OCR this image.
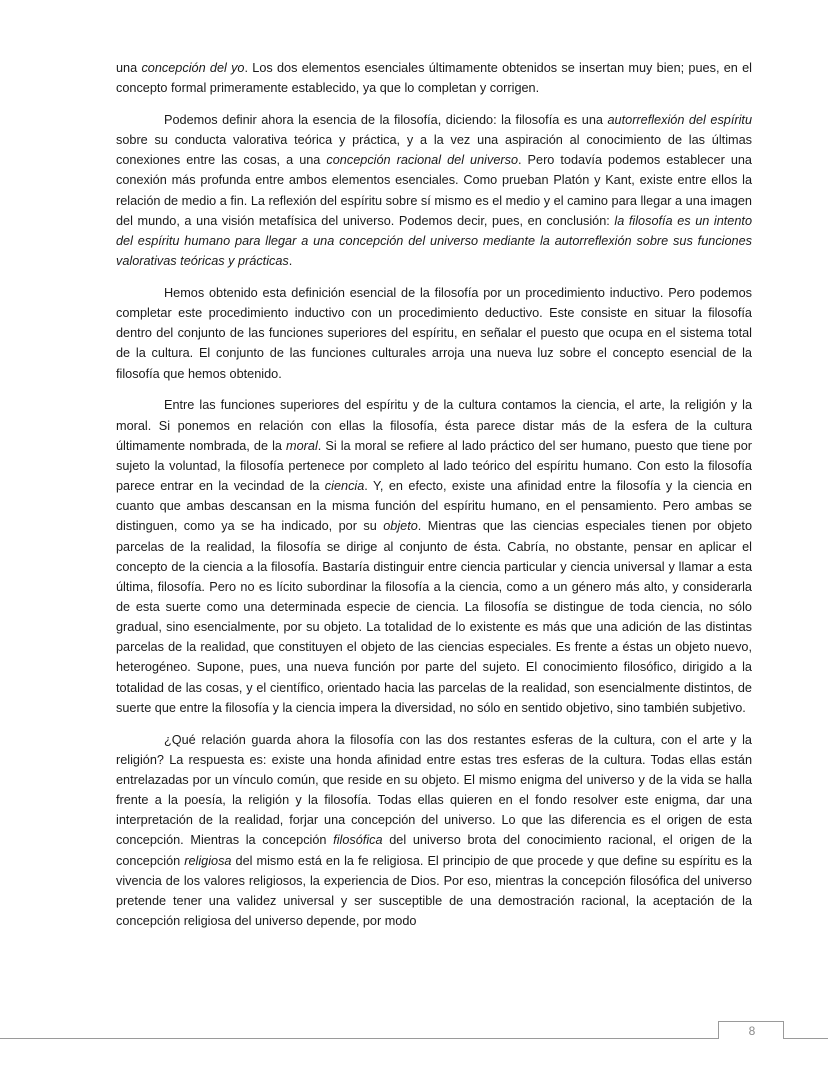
una concepción del yo. Los dos elementos esenciales últimamente obtenidos se insertan muy bien; pues, en el concepto formal primeramente establecido, ya que lo completan y corrigen.

Podemos definir ahora la esencia de la filosofía, diciendo: la filosofía es una autorreflexión del espíritu sobre su conducta valorativa teórica y práctica, y a la vez una aspiración al conocimiento de las últimas conexiones entre las cosas, a una concepción racional del universo. Pero todavía podemos establecer una conexión más profunda entre ambos elementos esenciales. Como prueban Platón y Kant, existe entre ellos la relación de medio a fin. La reflexión del espíritu sobre sí mismo es el medio y el camino para llegar a una imagen del mundo, a una visión metafísica del universo. Podemos decir, pues, en conclusión: la filosofía es un intento del espíritu humano para llegar a una concepción del universo mediante la autorreflexión sobre sus funciones valorativas teóricas y prácticas.

Hemos obtenido esta definición esencial de la filosofía por un procedimiento inductivo. Pero podemos completar este procedimiento inductivo con un procedimiento deductivo. Este consiste en situar la filosofía dentro del conjunto de las funciones superiores del espíritu, en señalar el puesto que ocupa en el sistema total de la cultura. El conjunto de las funciones culturales arroja una nueva luz sobre el concepto esencial de la filosofía que hemos obtenido.

Entre las funciones superiores del espíritu y de la cultura contamos la ciencia, el arte, la religión y la moral. Si ponemos en relación con ellas la filosofía, ésta parece distar más de la esfera de la cultura últimamente nombrada, de la moral. Si la moral se refiere al lado práctico del ser humano, puesto que tiene por sujeto la voluntad, la filosofía pertenece por completo al lado teórico del espíritu humano. Con esto la filosofía parece entrar en la vecindad de la ciencia. Y, en efecto, existe una afinidad entre la filosofía y la ciencia en cuanto que ambas descansan en la misma función del espíritu humano, en el pensamiento. Pero ambas se distinguen, como ya se ha indicado, por su objeto. Mientras que las ciencias especiales tienen por objeto parcelas de la realidad, la filosofía se dirige al conjunto de ésta. Cabría, no obstante, pensar en aplicar el concepto de la ciencia a la filosofía. Bastaría distinguir entre ciencia particular y ciencia universal y llamar a esta última, filosofía. Pero no es lícito subordinar la filosofía a la ciencia, como a un género más alto, y considerarla de esta suerte como una determinada especie de ciencia. La filosofía se distingue de toda ciencia, no sólo gradual, sino esencialmente, por su objeto. La totalidad de lo existente es más que una adición de las distintas parcelas de la realidad, que constituyen el objeto de las ciencias especiales. Es frente a éstas un objeto nuevo, heterogéneo. Supone, pues, una nueva función por parte del sujeto. El conocimiento filosófico, dirigido a la totalidad de las cosas, y el científico, orientado hacia las parcelas de la realidad, son esencialmente distintos, de suerte que entre la filosofía y la ciencia impera la diversidad, no sólo en sentido objetivo, sino también subjetivo.

¿Qué relación guarda ahora la filosofía con las dos restantes esferas de la cultura, con el arte y la religión? La respuesta es: existe una honda afinidad entre estas tres esferas de la cultura. Todas ellas están entrelazadas por un vínculo común, que reside en su objeto. El mismo enigma del universo y de la vida se halla frente a la poesía, la religión y la filosofía. Todas ellas quieren en el fondo resolver este enigma, dar una interpretación de la realidad, forjar una concepción del universo. Lo que las diferencia es el origen de esta concepción. Mientras la concepción filosófica del universo brota del conocimiento racional, el origen de la concepción religiosa del mismo está en la fe religiosa. El principio de que procede y que define su espíritu es la vivencia de los valores religiosos, la experiencia de Dios. Por eso, mientras la concepción filosófica del universo pretende tener una validez universal y ser susceptible de una demostración racional, la aceptación de la concepción religiosa del universo depende, por modo

8
